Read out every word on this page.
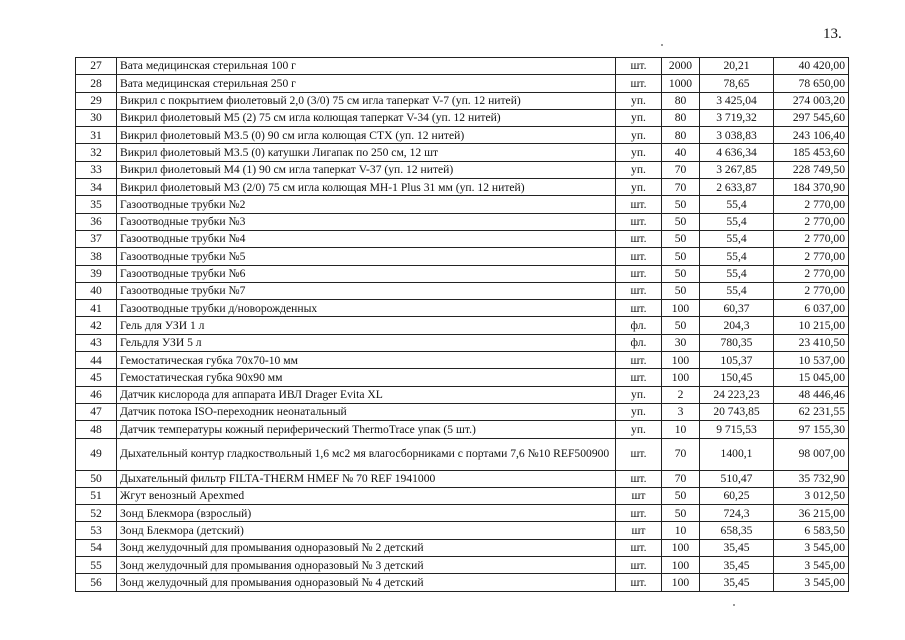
13.
27	Вата медицинская стерильная 100 г	шт.	2000	20,21	40 420,00
28	Вата медицинская стерильная 250 г	шт.	1000	78,65	78 650,00
29	Викрил с покрытием фиолетовый 2,0 (3/0) 75 см игла таперкат V-7 (уп. 12 нитей)	уп.	80	3 425,04	274 003,20
30	Викрил фиолетовый М5 (2) 75 см игла колющая таперкат V-34 (уп. 12 нитей)	уп.	80	3 719,32	297 545,60
31	Викрил фиолетовый М3.5 (0) 90 см игла колющая СТХ (уп. 12 нитей)	уп.	80	3 038,83	243 106,40
32	Викрил фиолетовый М3.5 (0) катушки Лигапак по 250 см, 12 шт	уп.	40	4 636,34	185 453,60
33	Викрил фиолетовый М4 (1) 90 см игла таперкат V-37 (уп. 12 нитей)	уп.	70	3 267,85	228 749,50
34	Викрил фиолетовый М3 (2/0) 75 см игла колющая МН-1 Plus 31 мм (уп. 12 нитей)	уп.	70	2 633,87	184 370,90
35	Газоотводные трубки №2	шт.	50	55,4	2 770,00
36	Газоотводные трубки №3	шт.	50	55,4	2 770,00
37	Газоотводные трубки №4	шт.	50	55,4	2 770,00
38	Газоотводные трубки №5	шт.	50	55,4	2 770,00
39	Газоотводные трубки №6	шт.	50	55,4	2 770,00
40	Газоотводные трубки №7	шт.	50	55,4	2 770,00
41	Газоотводные трубки д/новорожденных	шт.	100	60,37	6 037,00
42	Гель для УЗИ 1 л	фл.	50	204,3	10 215,00
43	Гельдля УЗИ 5 л	фл.	30	780,35	23 410,50
44	Гемостатическая губка 70х70-10 мм	шт.	100	105,37	10 537,00
45	Гемостатическая губка 90х90 мм	шт.	100	150,45	15 045,00
46	Датчик кислорода для аппарата ИВЛ Drager Evita XL	уп.	2	24 223,23	48 446,46
47	Датчик потока ISO-переходник неонатальный	уп.	3	20 743,85	62 231,55
48	Датчик температуры кожный периферический ThermoTrace упак (5 шт.)	уп.	10	9 715,53	97 155,30
49	Дыхательный контур гладкоствольный 1,6 мс2 мя влагосборниками с портами 7,6 №10 REF500900	шт.	70	1400,1	98 007,00
50	Дыхательный фильтр FILTA-THERM HMEF № 70 REF 1941000	шт.	70	510,47	35 732,90
51	Жгут венозный Apexmed	шт	50	60,25	3 012,50
52	Зонд Блекмора (взрослый)	шт.	50	724,3	36 215,00
53	Зонд Блекмора (детский)	шт	10	658,35	6 583,50
54	Зонд желудочный для промывания одноразовый № 2 детский	шт.	100	35,45	3 545,00
55	Зонд желудочный для промывания одноразовый № 3 детский	шт.	100	35,45	3 545,00
56	Зонд желудочный для промывания одноразовый № 4 детский	шт.	100	35,45	3 545,00
